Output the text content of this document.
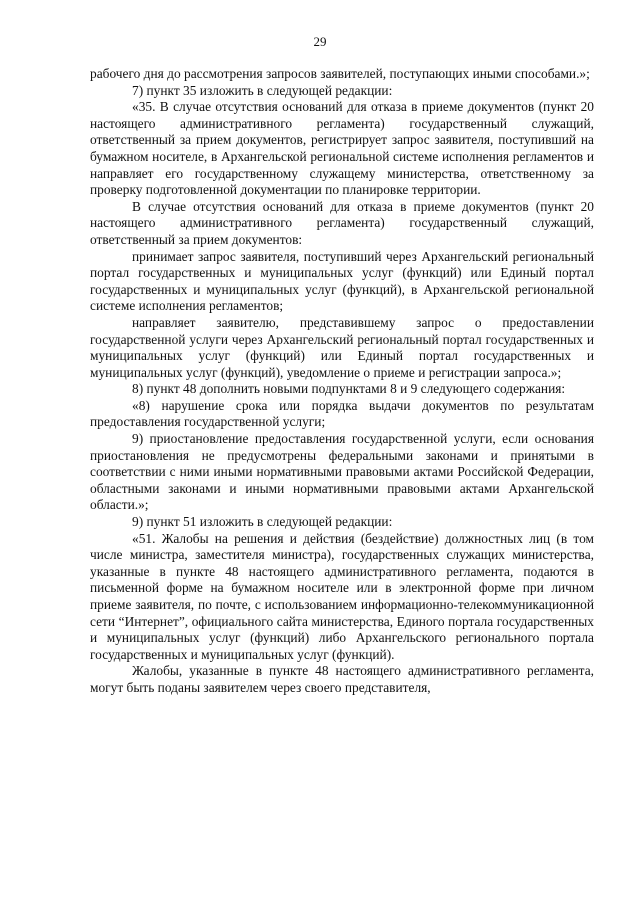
29

рабочего дня до рассмотрения запросов заявителей, поступающих иными способами.»;

7) пункт 35 изложить в следующей редакции:

«35. В случае отсутствия оснований для отказа в приеме документов (пункт 20 настоящего административного регламента) государственный служащий, ответственный за прием документов, регистрирует запрос заявителя, поступивший на бумажном носителе, в Архангельской региональной системе исполнения регламентов и направляет его государственному служащему министерства, ответственному за проверку подготовленной документации по планировке территории.

В случае отсутствия оснований для отказа в приеме документов (пункт 20 настоящего административного регламента) государственный служащий, ответственный за прием документов:

принимает запрос заявителя, поступивший через Архангельский региональный портал государственных и муниципальных услуг (функций) или Единый портал государственных и муниципальных услуг (функций), в Архангельской региональной системе исполнения регламентов;

направляет заявителю, представившему запрос о предоставлении государственной услуги через Архангельский региональный портал государственных и муниципальных услуг (функций) или Единый портал государственных и муниципальных услуг (функций), уведомление о приеме и регистрации запроса.»;

8) пункт 48 дополнить новыми подпунктами 8 и 9 следующего содержания:

«8) нарушение срока или порядка выдачи документов по результатам предоставления государственной услуги;

9) приостановление предоставления государственной услуги, если основания приостановления не предусмотрены федеральными законами и принятыми в соответствии с ними иными нормативными правовыми актами Российской Федерации, областными законами и иными нормативными правовыми актами Архангельской области.»;

9) пункт 51 изложить в следующей редакции:

«51. Жалобы на решения и действия (бездействие) должностных лиц (в том числе министра, заместителя министра), государственных служащих министерства, указанные в пункте 48 настоящего административного регламента, подаются в письменной форме на бумажном носителе или в электронной форме при личном приеме заявителя, по почте, с использованием информационно-телекоммуникационной сети “Интернет”, официального сайта министерства, Единого портала государственных и муниципальных услуг (функций) либо Архангельского регионального портала государственных и муниципальных услуг (функций).

Жалобы, указанные в пункте 48 настоящего административного регламента, могут быть поданы заявителем через своего представителя,
